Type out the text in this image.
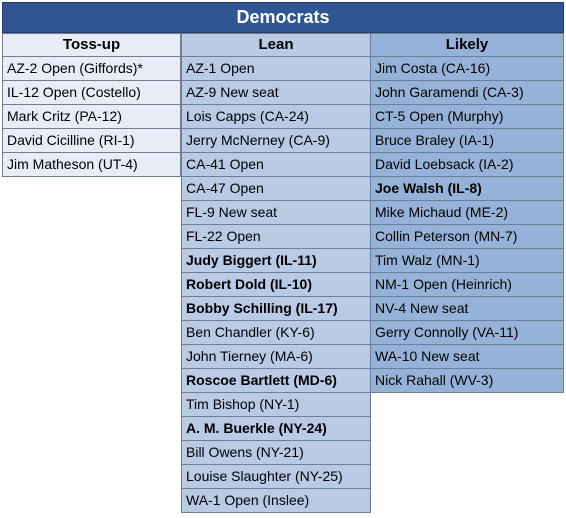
Democrats
Toss-up
AZ-2 Open (Giffords)*
IL-12 Open (Costello)
Mark Critz (PA-12)
David Cicilline (RI-1)
Jim Matheson (UT-4)
Lean
AZ-1 Open
AZ-9 New seat
Lois Capps (CA-24)
Jerry McNerney (CA-9)
CA-41 Open
CA-47 Open
FL-9 New seat
FL-22 Open
Judy Biggert (IL-11)
Robert Dold (IL-10)
Bobby Schilling (IL-17)
Ben Chandler (KY-6)
John Tierney (MA-6)
Roscoe Bartlett (MD-6)
Tim Bishop (NY-1)
A. M. Buerkle (NY-24)
Bill Owens (NY-21)
Louise Slaughter (NY-25)
WA-1 Open (Inslee)
Likely
Jim Costa (CA-16)
John Garamendi (CA-3)
CT-5 Open (Murphy)
Bruce Braley (IA-1)
David Loebsack (IA-2)
Joe Walsh (IL-8)
Mike Michaud (ME-2)
Collin Peterson (MN-7)
Tim Walz (MN-1)
NM-1 Open (Heinrich)
NV-4 New seat
Gerry Connolly (VA-11)
WA-10 New seat
Nick Rahall (WV-3)
